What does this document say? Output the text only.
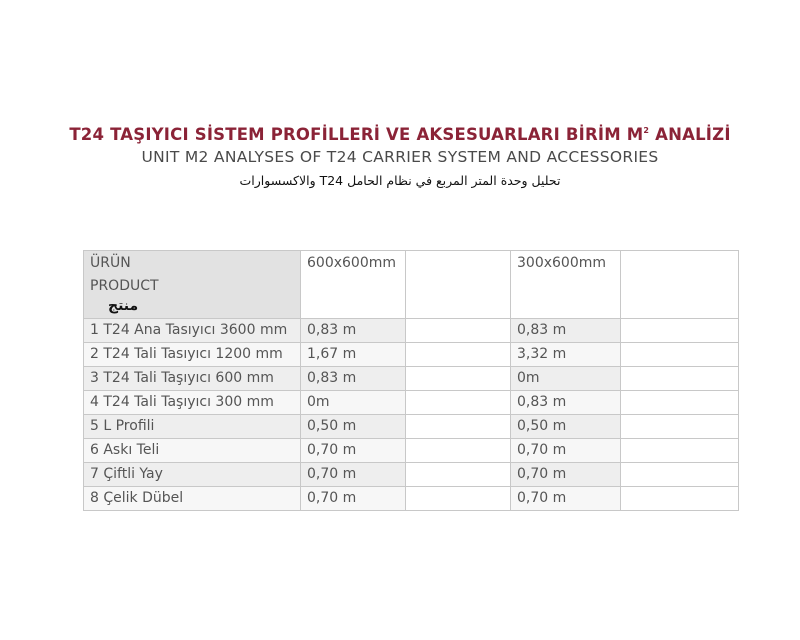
T24 TAŞIYICI SİSTEM PROFİLLERİ VE AKSESUARLARI BİRİM $M^2$ ANALİZİ
UNIT M2 ANALYSES OF T24 CARRIER SYSTEM AND ACCESSORIES
تحليل وحدة المتر المربع في نظام الحامل T24 والاكسسوارات
ÜRÜN
PRODUCT
منتج	600x600mm		300x600mm	
1 T24 Ana Tasıyıcı 3600 mm	0,83 m		0,83 m	
2 T24 Tali Tasıyıcı 1200 mm	1,67 m		3,32 m	
3 T24 Tali Taşıyıcı 600 mm	0,83 m		0m	
4 T24 Tali Taşıyıcı 300 mm	0m		0,83 m	
5 L Profili	0,50 m		0,50 m	
6 Askı Teli	0,70 m		0,70 m	
7 Çiftli Yay	0,70 m		0,70 m	
8 Çelik Dübel	0,70 m		0,70 m	
